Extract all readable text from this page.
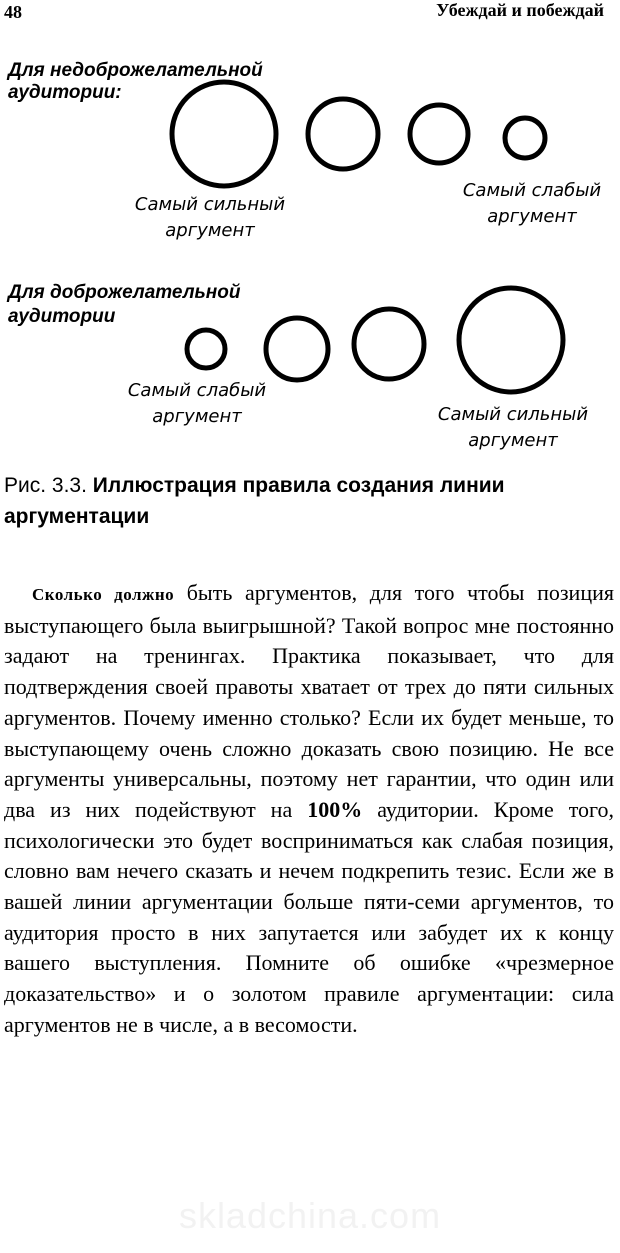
48	Убеждай и побеждай
Для недоброжелательной
аудитории:
Самый сильный
аргумент
Самый слабый
аргумент
Для доброжелательной
аудитории
Самый слабый
аргумент	Самый сильный
аргумент
Рис. 3.3. Иллюстрация правила создания линии аргументации
Сколько должно быть аргументов, для того чтобы позиция выступающего была выигрышной? Такой вопрос мне постоянно задают на тренингах. Практика показывает, что для подтверждения своей правоты хватает от трех до пяти сильных аргументов. Почему именно столько? Если их будет меньше, то выступающему очень сложно доказать свою позицию. Не все аргументы универсальны, поэтому нет гарантии, что один или два из них подействуют на 100% аудитории. Кроме того, психологически это будет восприниматься как слабая позиция, словно вам нечего сказать и нечем подкрепить тезис. Если же в вашей линии аргументации больше пяти-семи аргументов, то аудитория просто в них запутается или забудет их к концу вашего выступления. Помните об ошибке «чрезмерное доказательство» и о золотом правиле аргументации: сила аргументов не в числе, а в весомости.
skladchina.com
